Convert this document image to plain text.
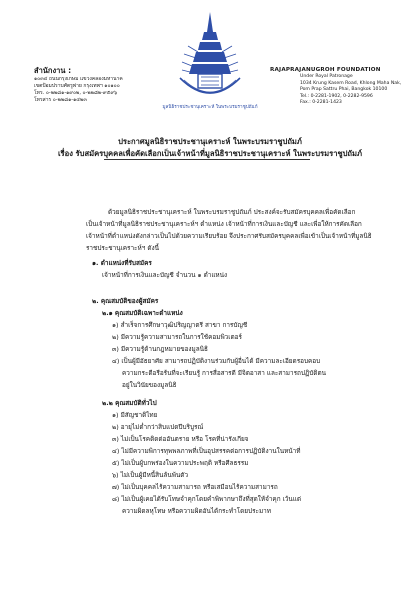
มูลนิธิราชประชานุเคราะห์ ในพระบรมราชูปถัมภ์
สำนักงาน :
๑๐๓๔ ถนนกรุงเกษม แขวงคลองมหานาค
เขตป้อมปราบศัตรูพ่าย กรุงเทพฯ ๑๐๑๐๐
โทร. ๐-๒๒๘๑-๑๙๐๒, ๐-๒๒๘๒-๙๕๙๖
โทรสาร ๐-๒๒๘๑-๑๔๒๓
RAJAPRAJANUGROH FOUNDATION
Under Royal Patronage
1034 Krung Kasem Road, Khlong Maha Nak,
Pom Prap Sattru Phai, Bangkok 10100
Tel.: 0-2281-1902, 0-2282-9596
Fax.: 0-2281-1423
ประกาศมูลนิธิราชประชานุเคราะห์ ในพระบรมราชูปถัมภ์
เรื่อง รับสมัครบุคคลเพื่อคัดเลือกเป็นเจ้าหน้าที่มูลนิธิราชประชานุเคราะห์ ในพระบรมราชูปถัมภ์

ด้วยมูลนิธิราชประชานุเคราะห์ ในพระบรมราชูปถัมภ์ ประสงค์จะรับสมัครบุคคลเพื่อคัดเลือก

เป็นเจ้าหน้าที่มูลนิธิราชประชานุเคราะห์ฯ ตำแหน่ง เจ้าหน้าที่การเงินและบัญชี และเพื่อให้การคัดเลือก

เจ้าหน้าที่ตำแหน่งดังกล่าวเป็นไปด้วยความเรียบร้อย จึงประกาศรับสมัครบุคคลเพื่อเข้าเป็นเจ้าหน้าที่มูลนิธิ

ราชประชานุเคราะห์ฯ ดังนี้

๑. ตำแหน่งที่รับสมัคร
เจ้าหน้าที่การเงินและบัญชี จำนวน ๑ ตำแหน่ง
๒. คุณสมบัติของผู้สมัคร
๒.๑ คุณสมบัติเฉพาะตำแหน่ง
๑) สำเร็จการศึกษาวุฒิปริญญาตรี สาขา การบัญชี
๒) มีความรู้ความสามารถในการใช้คอมพิวเตอร์
๓) มีความรู้ด้านกฎหมายของมูลนิธิ
๔) เป็นผู้มีอัธยาศัย สามารถปฏิบัติงานร่วมกับผู้อื่นได้ มีความละเอียดรอบคอบ
ความกระตือรือร้นที่จะเรียนรู้ การสื่อสารดี มีจิตอาสา และสามารถปฏิบัติตน
อยู่ในวินัยของมูลนิธิ
๒.๒ คุณสมบัติทั่วไป
๑) มีสัญชาติไทย
๒) อายุไม่ต่ำกว่าสิบแปดปีบริบูรณ์
๓) ไม่เป็นโรคติดต่ออันตราย หรือ โรคที่น่ารังเกียจ
๔) ไม่มีความพิการทุพพลภาพที่เป็นอุปสรรคต่อการปฏิบัติงานในหน้าที่
๕) ไม่เป็นผู้บกพร่องในความประพฤติ หรือศีลธรรม
๖) ไม่เป็นผู้มีหนี้สินล้นพ้นตัว
๗) ไม่เป็นบุคคลไร้ความสามารถ หรือเสมือนไร้ความสามารถ
๘) ไม่เป็นผู้เคยได้รับโทษจำคุกโดยคำพิพากษาถึงที่สุดให้จำคุก เว้นแต่
ความผิดลหุโทษ หรือความผิดอันได้กระทำโดยประมาท
